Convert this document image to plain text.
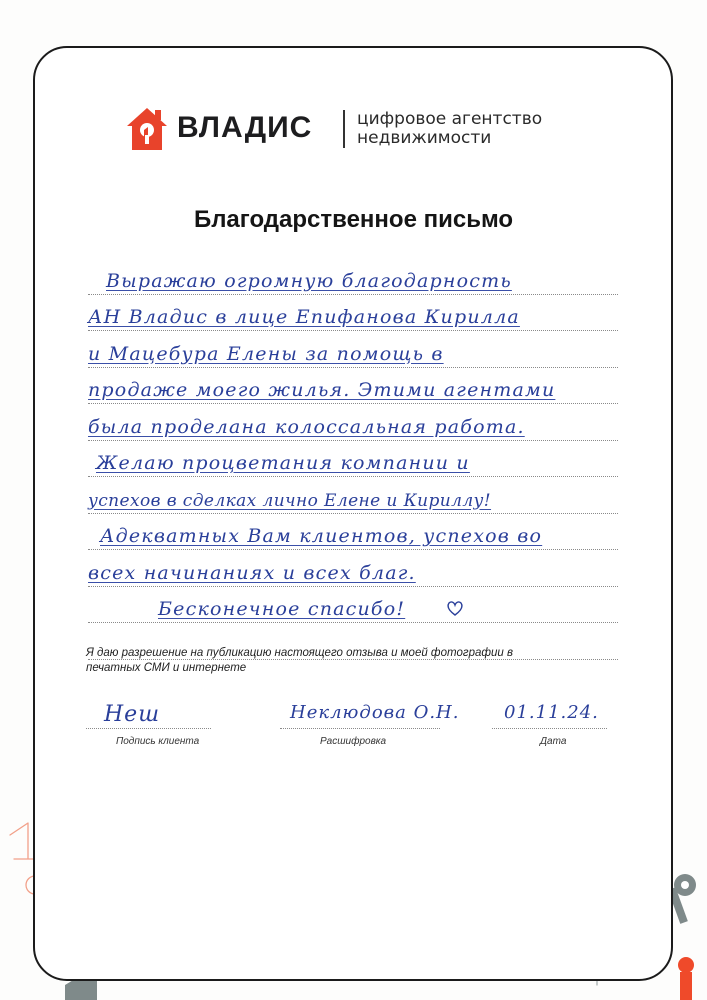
ВЛАДИС	цифровое агентство
недвижимости
Благодарственное письмо
Выражаю огромную благодарность
АН Владис в лице Епифанова Кирилла
и Мацебура Елены за помощь в
продаже моего жилья. Этими агентами
была проделана колоссальная работа.
Желаю процветания компании и
успехов в сделках лично Елене и Кириллу!
Адекватных Вам клиентов, успехов во
всех начинаниях и всех благ.
Бесконечное спасибо!
Я даю разрешение на публикацию настоящего отзыва и моей фотографии в печатных СМИ и интернете
Неш
Подпись клиента
Неклюдова О.Н.
Расшифровка
01.11.24.
Дата
